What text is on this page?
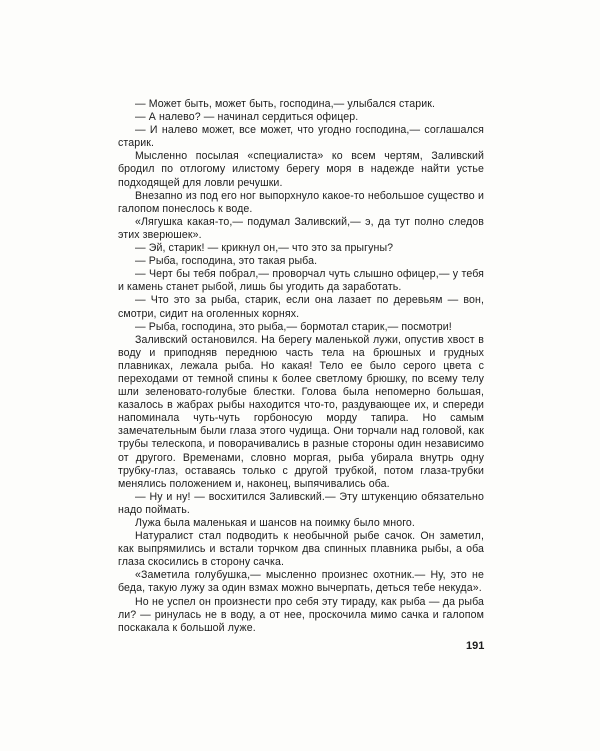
— Может быть, может быть, господина,— улыбался старик.

— А налево? — начинал сердиться офицер.

— И налево может, все может, что угодно господина,— соглашался старик.

Мысленно посылая «специалиста» ко всем чертям, Заливский бродил по отлогому илистому берегу моря в надежде найти устье подходящей для ловли речушки.

Внезапно из под его ног выпорхнуло какое-то небольшое существо и галопом понеслось к воде.

«Лягушка какая-то,— подумал Заливский,— э, да тут полно следов этих зверюшек».

— Эй, старик! — крикнул он,— что это за прыгуны?

— Рыба, господина, это такая рыба.

— Черт бы тебя побрал,— проворчал чуть слышно офицер,— у тебя и камень станет рыбой, лишь бы угодить да заработать.

— Что это за рыба, старик, если она лазает по деревьям — вон, смотри, сидит на оголенных корнях.

— Рыба, господина, это рыба,— бормотал старик,— посмотри!

Заливский остановился. На берегу маленькой лужи, опустив хвост в воду и приподняв переднюю часть тела на брюшных и грудных плавниках, лежала рыба. Но какая! Тело ее было серого цвета с переходами от темной спины к более светлому брюшку, по всему телу шли зеленовато-голубые блестки. Голова была непомерно большая, казалось в жабрах рыбы находится что-то, раздувающее их, и спереди напоминала чуть-чуть горбоносую морду тапира. Но самым замечательным были глаза этого чудища. Они торчали над головой, как трубы телескопа, и поворачивались в разные стороны один независимо от другого. Временами, словно моргая, рыба убирала внутрь одну трубку-глаз, оставаясь только с другой трубкой, потом глаза-трубки менялись положением и, наконец, выпячивались оба.

— Ну и ну! — восхитился Заливский.— Эту штукенцию обязательно надо поймать.

Лужа была маленькая и шансов на поимку было много.

Натуралист стал подводить к необычной рыбе сачок. Он заметил, как выпрямились и встали торчком два спинных плавника рыбы, а оба глаза скосились в сторону сачка.

«Заметила голубушка,— мысленно произнес охотник.— Ну, это не беда, такую лужу за один взмах можно вычерпать, деться тебе некуда».

Но не успел он произнести про себя эту тираду, как рыба — да рыба ли? — ринулась не в воду, а от нее, проскочила мимо сачка и галопом поскакала к большой луже.

191
